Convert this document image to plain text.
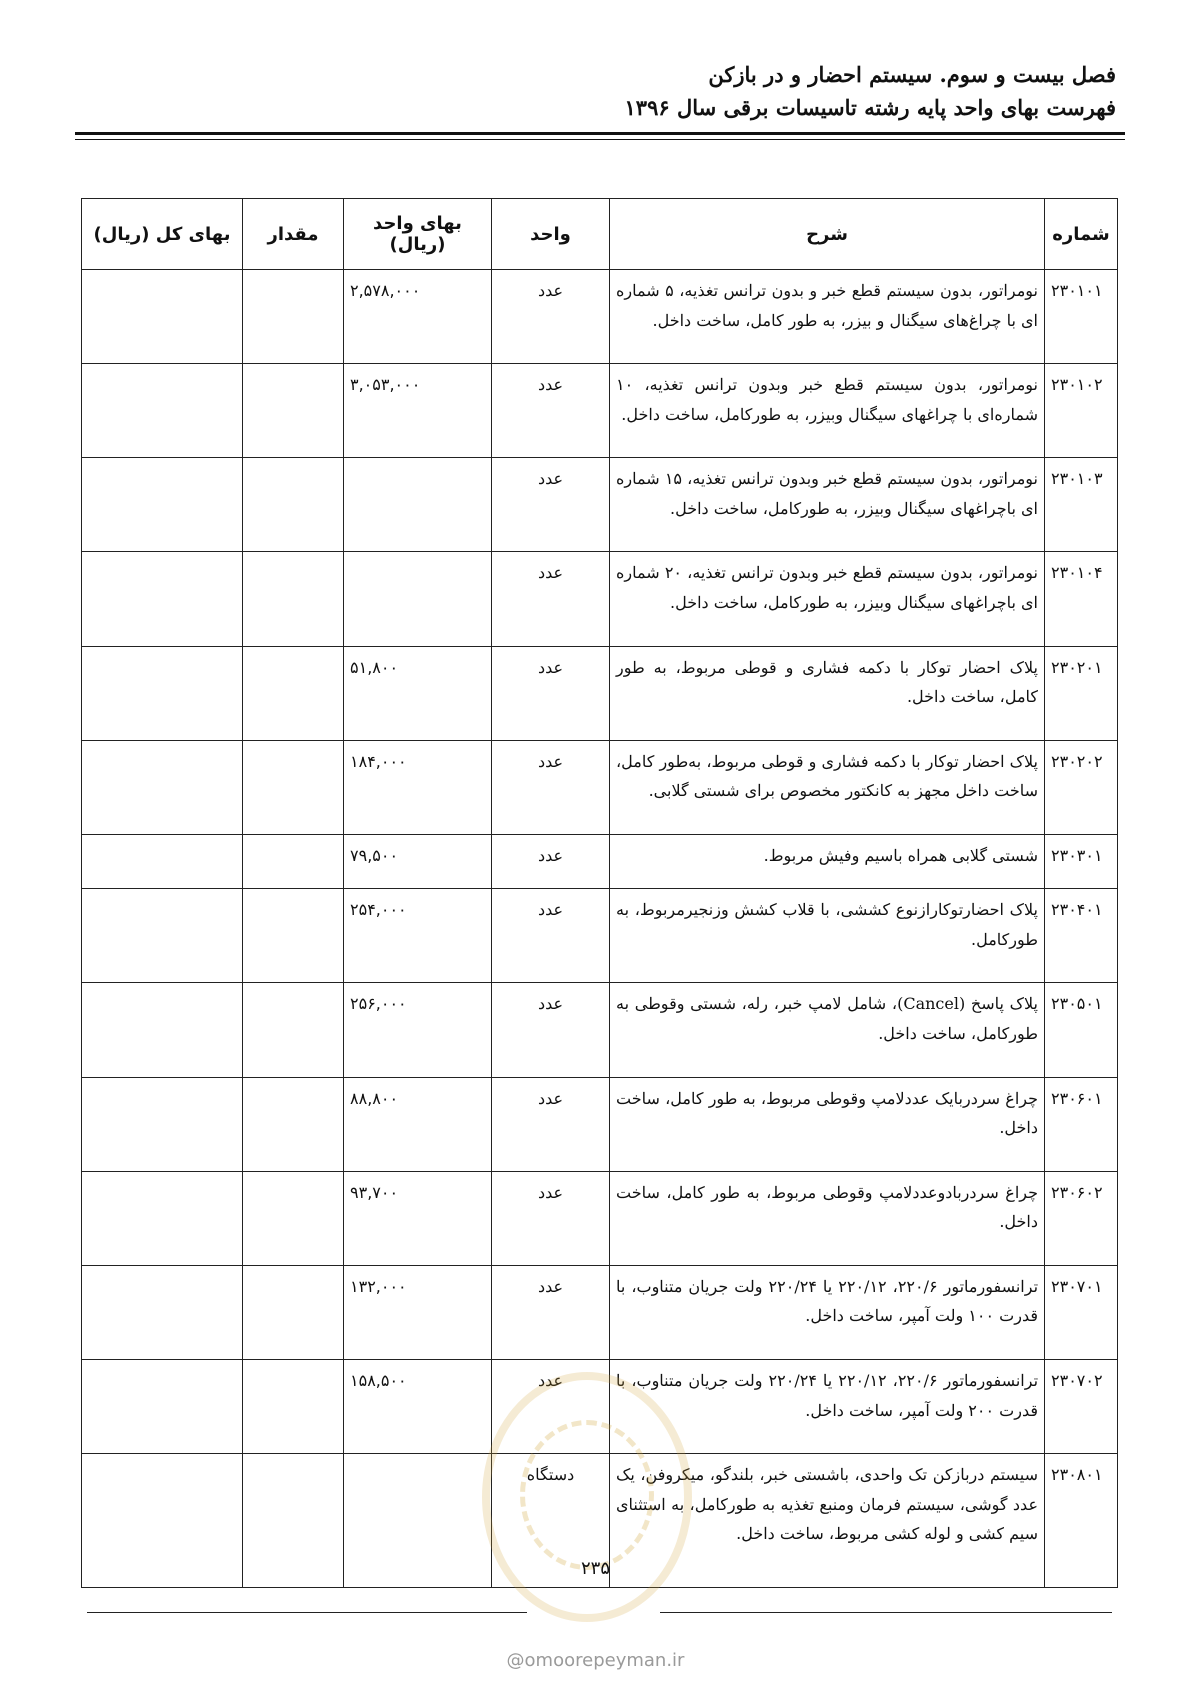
فصل بیست و سوم. سیستم احضار و در بازکن
فهرست بهای واحد پایه رشته تاسیسات برقی سال ۱۳۹۶
شماره	شرح	واحد	بهای واحد (ریال)	مقدار	بهای کل (ریال)
۲۳۰۱۰۱	نومراتور، بدون سیستم قطع خبر و بدون ترانس تغذیه، ۵ شماره ای با چراغ‌های سیگنال و بیزر، به طور کامل، ساخت داخل.	عدد	۲,۵۷۸,۰۰۰		
۲۳۰۱۰۲	نومراتور، بدون سیستم قطع خبر وبدون ترانس تغذیه، ۱۰ شماره‌ای با چراغهای سیگنال وبیزر، به طورکامل، ساخت داخل.	عدد	۳,۰۵۳,۰۰۰		
۲۳۰۱۰۳	نومراتور، بدون سیستم قطع خبر وبدون ترانس تغذیه، ۱۵ شماره ای باچراغهای سیگنال وبیزر، به طورکامل، ساخت داخل.	عدد			
۲۳۰۱۰۴	نومراتور، بدون سیستم قطع خبر وبدون ترانس تغذیه، ۲۰ شماره ای باچراغهای سیگنال وبیزر، به طورکامل، ساخت داخل.	عدد			
۲۳۰۲۰۱	پلاک احضار توکار با دکمه فشاری و قوطی مربوط، به طور کامل، ساخت داخل.	عدد	۵۱,۸۰۰		
۲۳۰۲۰۲	پلاک احضار توکار با دکمه فشاری و قوطی مربوط، به‌طور کامل، ساخت داخل مجهز به کانکتور مخصوص برای شستی گلابی.	عدد	۱۸۴,۰۰۰		
۲۳۰۳۰۱	شستی گلابی همراه باسیم وفیش مربوط.	عدد	۷۹,۵۰۰		
۲۳۰۴۰۱	پلاک احضارتوکارازنوع کششی، با قلاب کشش وزنجیرمربوط، به طورکامل.	عدد	۲۵۴,۰۰۰		
۲۳۰۵۰۱	پلاک پاسخ (Cancel)، شامل لامپ خبر، رله، شستی وقوطی به طورکامل، ساخت داخل.	عدد	۲۵۶,۰۰۰		
۲۳۰۶۰۱	چراغ سردربایک عددلامپ وقوطی مربوط، به طور کامل، ساخت داخل.	عدد	۸۸,۸۰۰		
۲۳۰۶۰۲	چراغ سردربادوعددلامپ وقوطی مربوط، به طور کامل، ساخت داخل.	عدد	۹۳,۷۰۰		
۲۳۰۷۰۱	ترانسفورماتور ۲۲۰/۶، ۲۲۰/۱۲ یا ۲۲۰/۲۴ ولت جریان متناوب، با قدرت ۱۰۰ ولت آمپر، ساخت داخل.	عدد	۱۳۲,۰۰۰		
۲۳۰۷۰۲	ترانسفورماتور ۲۲۰/۶، ۲۲۰/۱۲ یا ۲۲۰/۲۴ ولت جریان متناوب، با قدرت ۲۰۰ ولت آمپر، ساخت داخل.	عدد	۱۵۸,۵۰۰		
۲۳۰۸۰۱	سیستم دربازکن تک واحدی، باشستی خبر، بلندگو، میکروفن، یک عدد گوشی، سیستم فرمان ومنبع تغذیه به طورکامل، به استثنای سیم کشی و لوله کشی مربوط، ساخت داخل.	دستگاه			
۲۳۵
@omoorepeyman.ir
